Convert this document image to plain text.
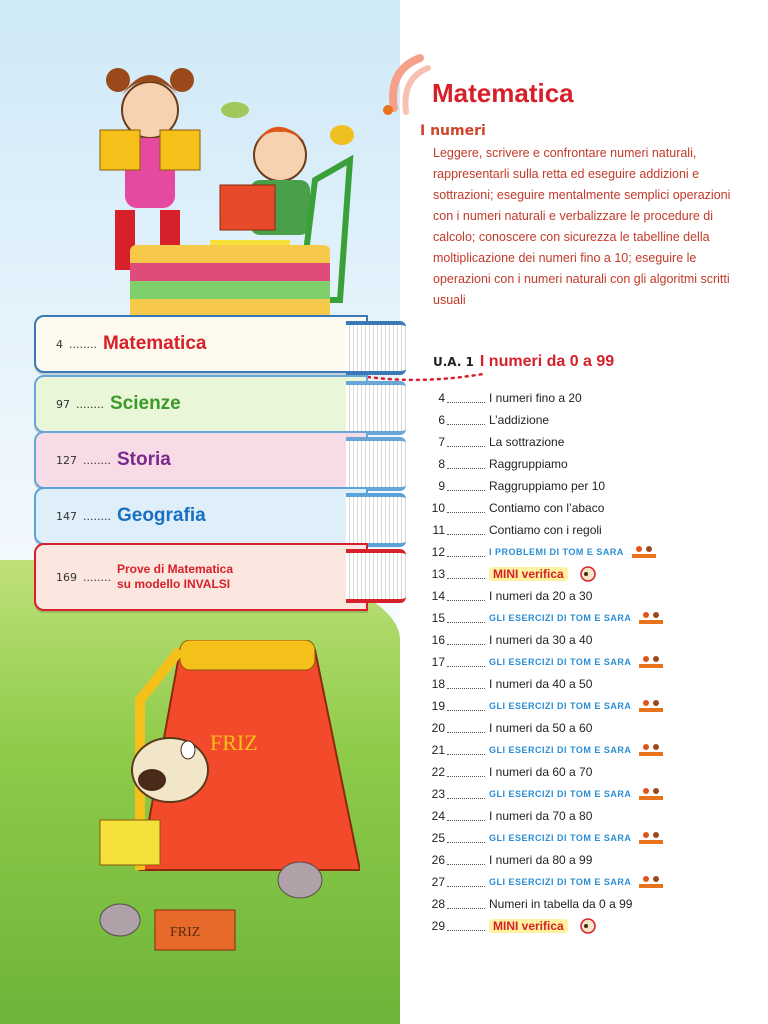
4 ........ Matematica
97 ........ Scienze
127 ........ Storia
147 ........ Geografia
169 ........
Prove di Matematica
su modello INVALSI
FRIZ
FRIZ
Matematica
I numeri
Leggere, scrivere e confrontare numeri naturali, rappresentarli sulla retta ed eseguire addizioni e sottrazioni; eseguire mentalmente semplici operazioni con i numeri naturali e verbalizzare le procedure di calcolo; conoscere con sicurezza le tabelline della moltiplicazione dei numeri fino a 10; eseguire le operazioni con i numeri naturali con gli algoritmi scritti usuali
U.A. 1 I numeri da 0 a 99
4	I numeri fino a 20
6	L’addizione
7	La sottrazione
8	Raggruppiamo
9	Raggruppiamo per 10
10	Contiamo con l’abaco
11	Contiamo con i regoli
12	I PROBLEMI DI TOM E SARA
13	MINI verifica
14	I numeri da 20 a 30
15	GLI ESERCIZI DI TOM E SARA
16	I numeri da 30 a 40
17	GLI ESERCIZI DI TOM E SARA
18	I numeri da 40 a 50
19	GLI ESERCIZI DI TOM E SARA
20	I numeri da 50 a 60
21	GLI ESERCIZI DI TOM E SARA
22	I numeri da 60 a 70
23	GLI ESERCIZI DI TOM E SARA
24	I numeri da 70 a 80
25	GLI ESERCIZI DI TOM E SARA
26	I numeri da 80 a 99
27	GLI ESERCIZI DI TOM E SARA
28	Numeri in tabella da 0 a 99
29	MINI verifica
